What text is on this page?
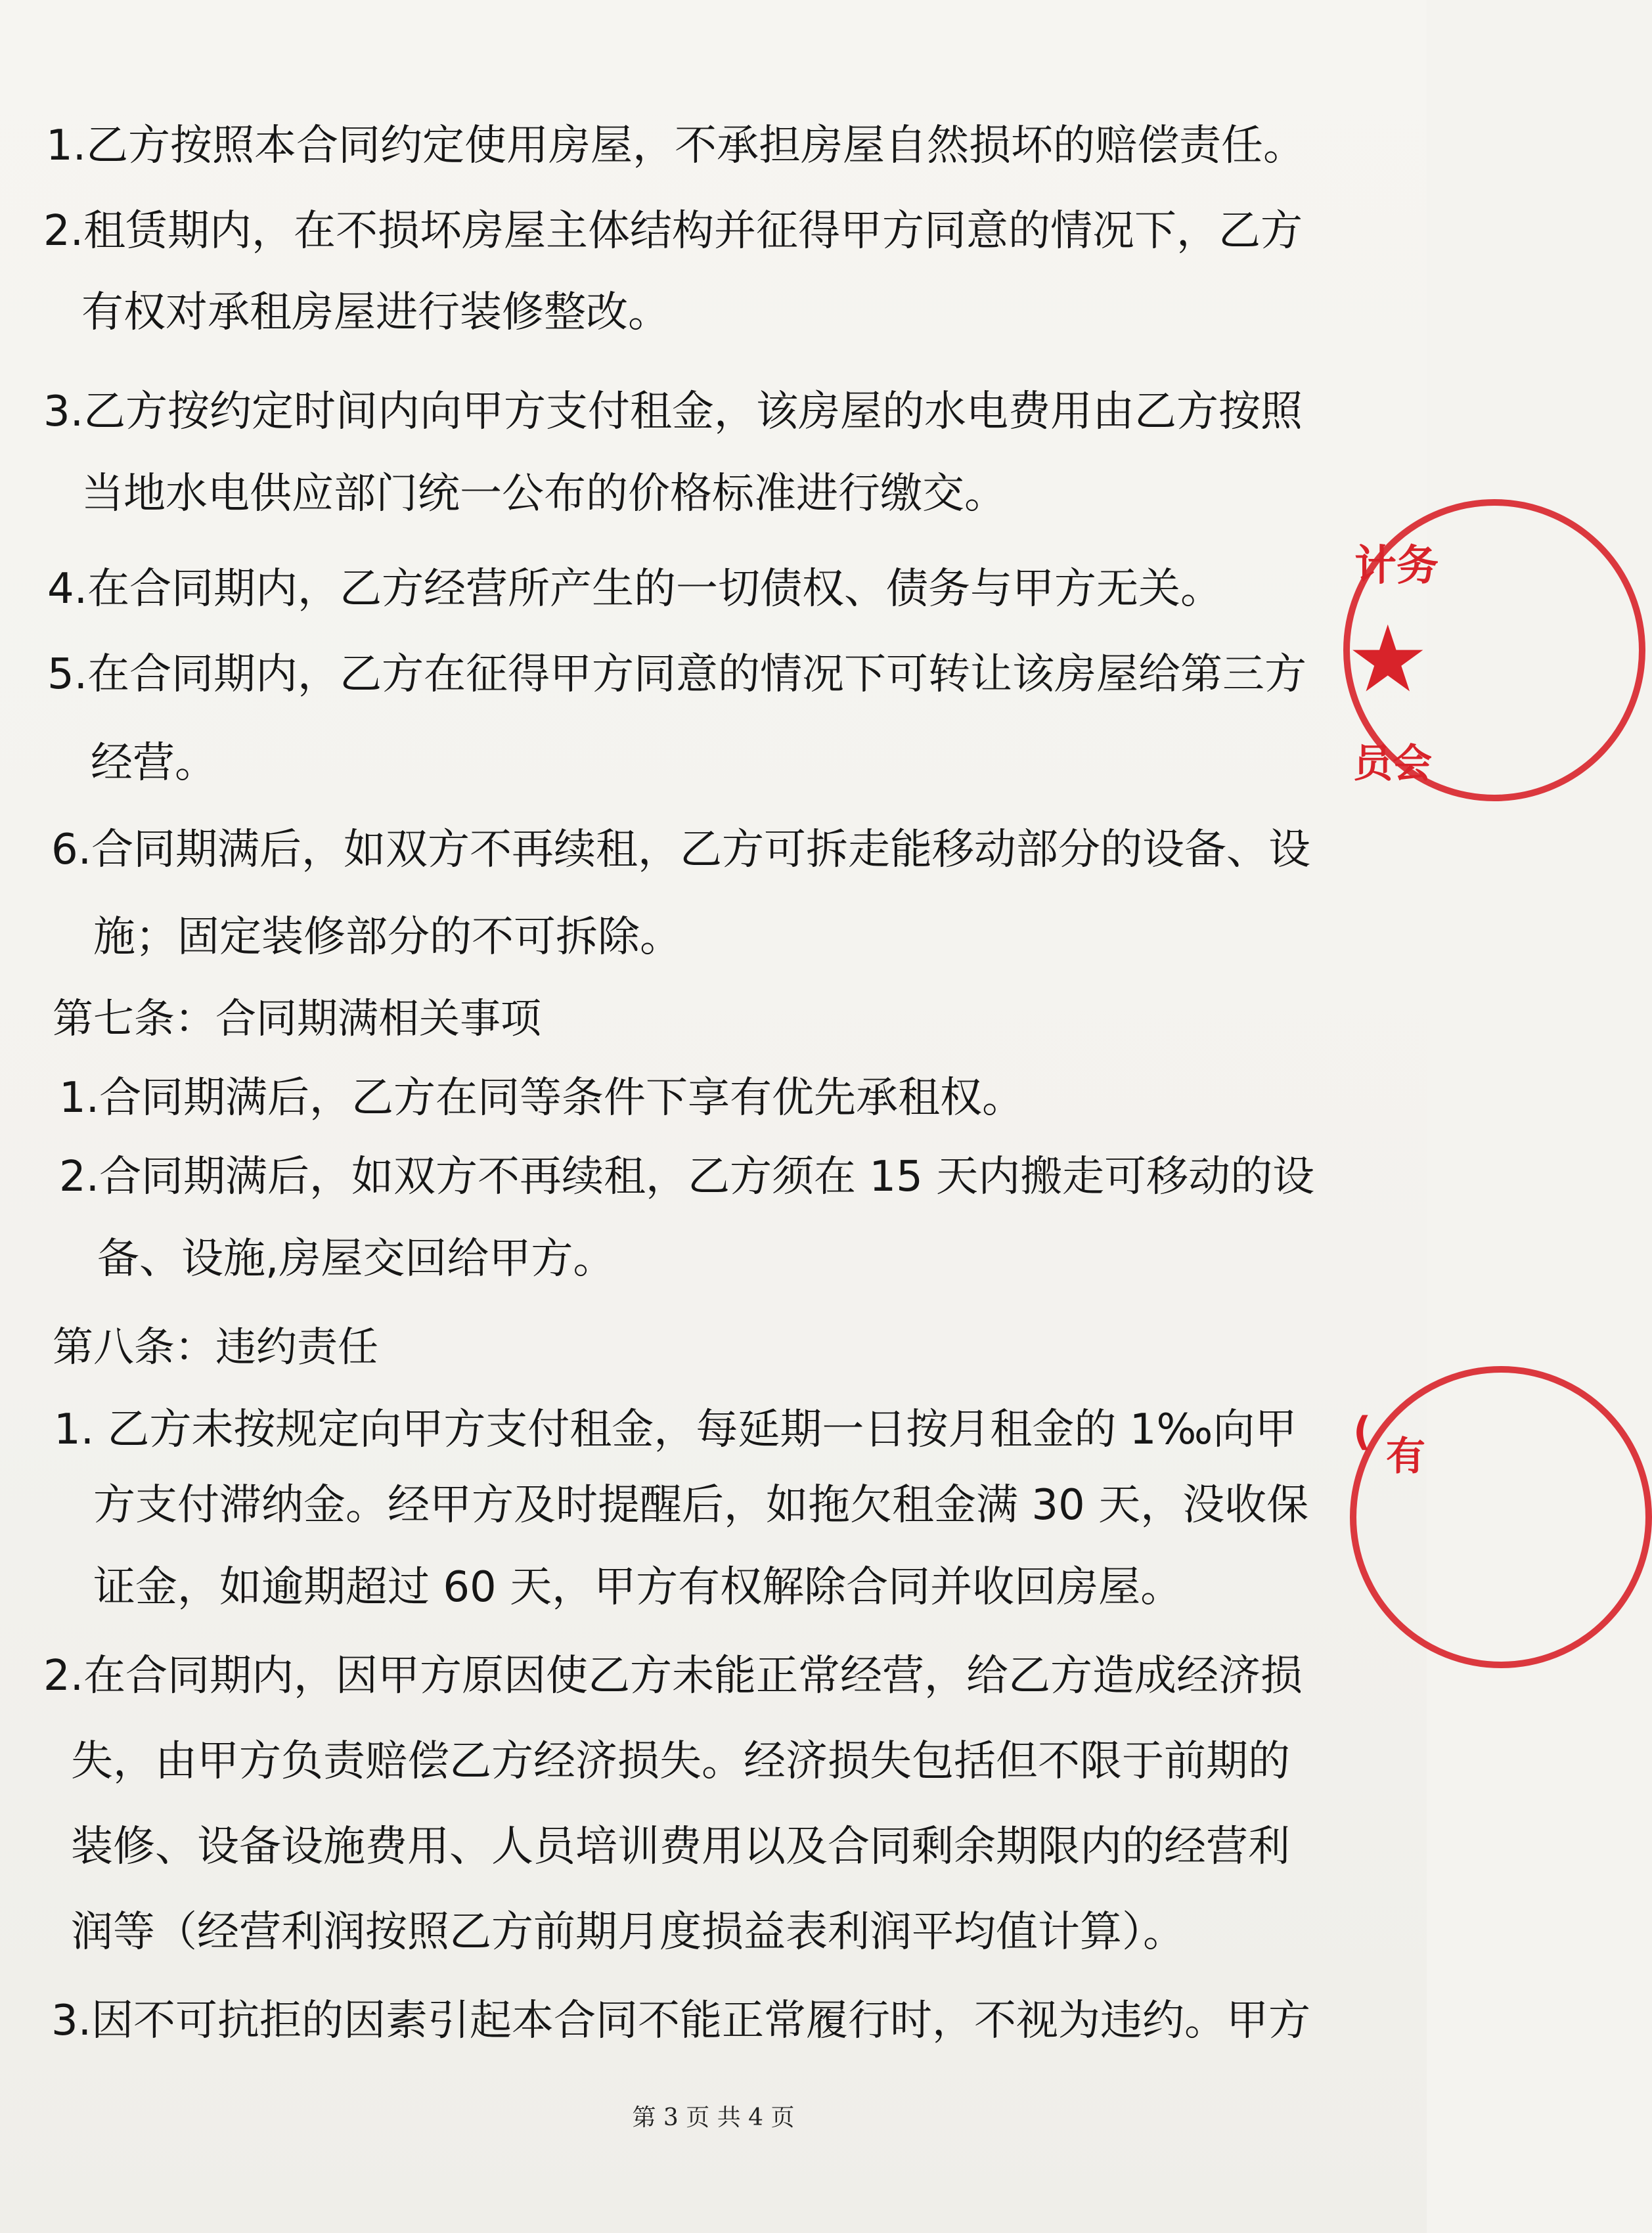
1.乙方按照本合同约定使用房屋，不承担房屋自然损坏的赔偿责任。
2.租赁期内，在不损坏房屋主体结构并征得甲方同意的情况下，乙方
有权对承租房屋进行装修整改。
3.乙方按约定时间内向甲方支付租金，该房屋的水电费用由乙方按照
当地水电供应部门统一公布的价格标准进行缴交。
4.在合同期内，乙方经营所产生的一切债权、债务与甲方无关。
5.在合同期内，乙方在征得甲方同意的情况下可转让该房屋给第三方
经营。
6.合同期满后，如双方不再续租，乙方可拆走能移动部分的设备、设
施；固定装修部分的不可拆除。
第七条：合同期满相关事项
1.合同期满后，乙方在同等条件下享有优先承租权。
2.合同期满后，如双方不再续租，乙方须在 15 天内搬走可移动的设
备、设施,房屋交回给甲方。
第八条：违约责任
1. 乙方未按规定向甲方支付租金，每延期一日按月租金的 1‰向甲
方支付滞纳金。经甲方及时提醒后，如拖欠租金满 30 天，没收保
证金，如逾期超过 60 天，甲方有权解除合同并收回房屋。
2.在合同期内，因甲方原因使乙方未能正常经营，给乙方造成经济损
失，由甲方负责赔偿乙方经济损失。经济损失包括但不限于前期的
装修、设备设施费用、人员培训费用以及合同剩余期限内的经营利
润等（经营利润按照乙方前期月度损益表利润平均值计算）。
3.因不可抗拒的因素引起本合同不能正常履行时，不视为违约。甲方
第 3 页 共 4 页
★
计务
员会
(
有
